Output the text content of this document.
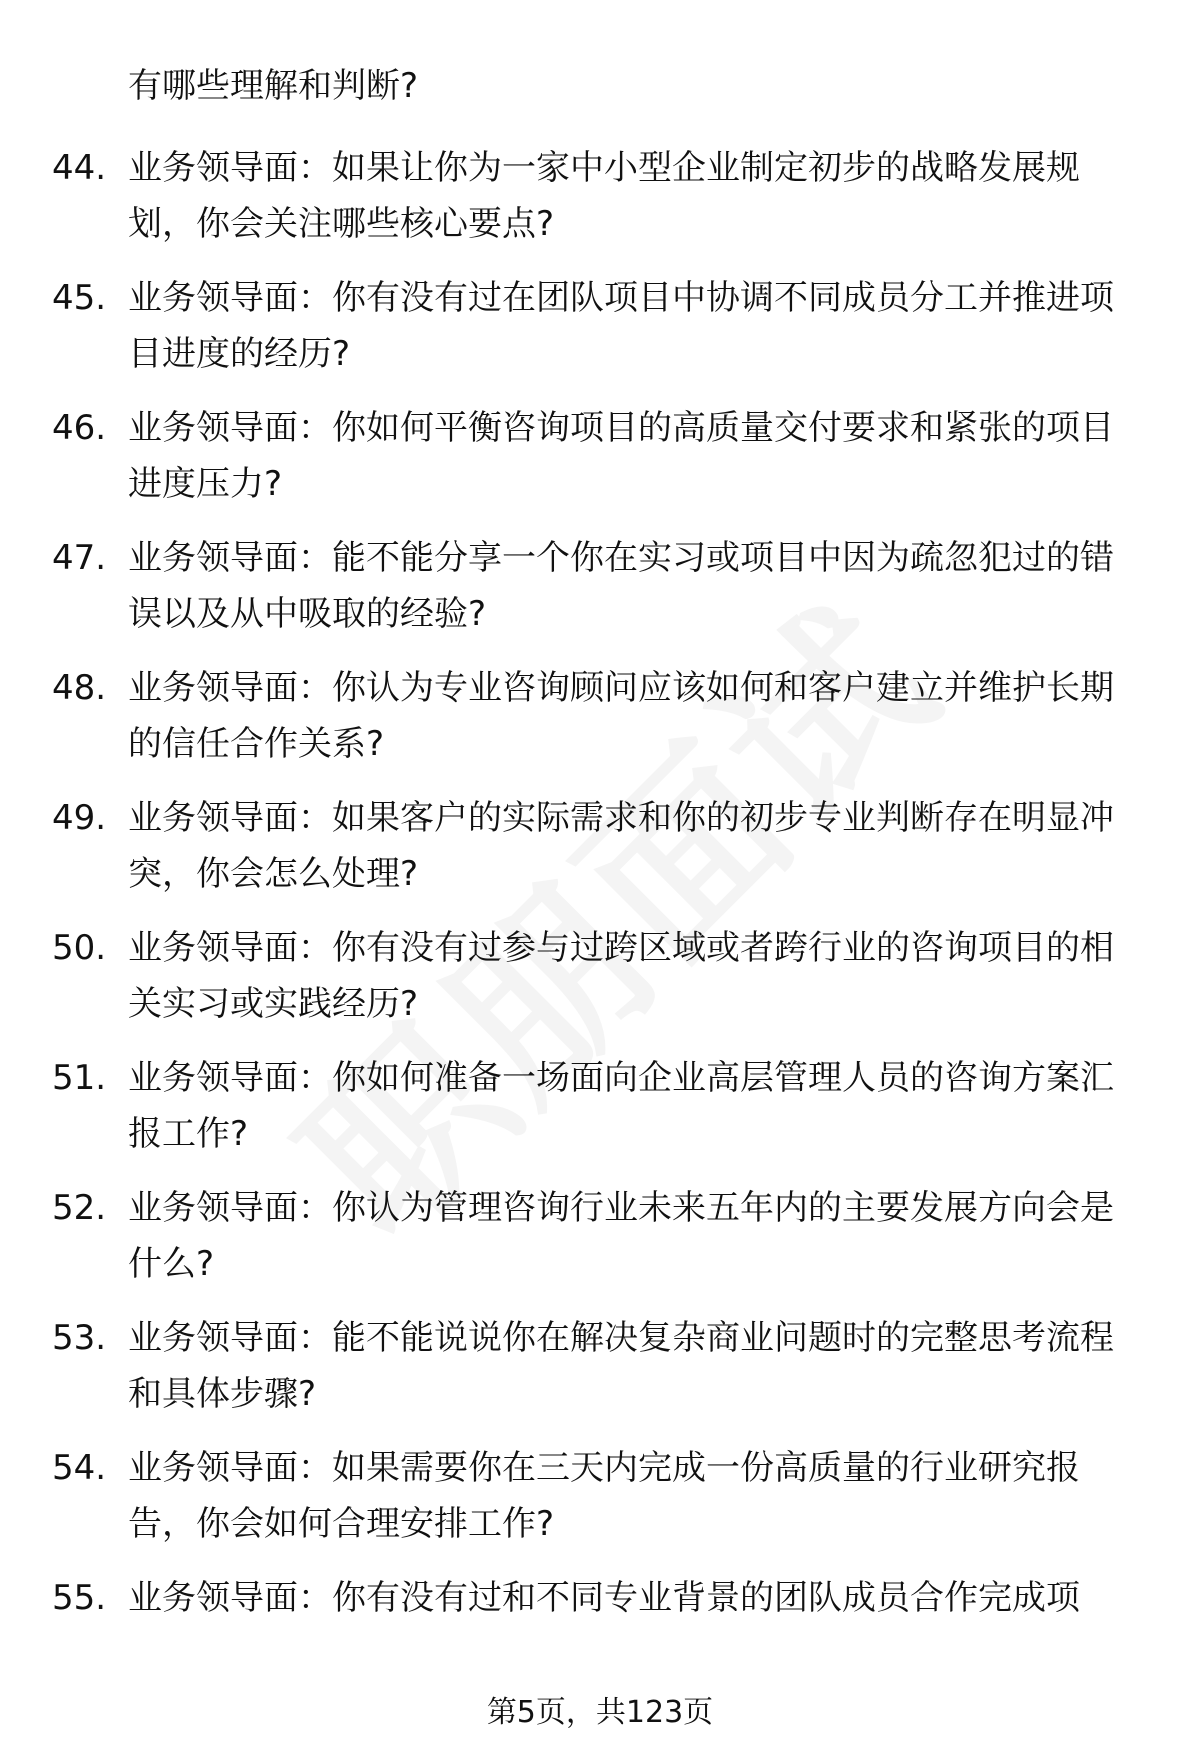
有哪些理解和判断?

44. 业务领导面：如果让你为一家中小型企业制定初步的战略发展规划，你会关注哪些核心要点?

45. 业务领导面：你有没有过在团队项目中协调不同成员分工并推进项目进度的经历?

46. 业务领导面：你如何平衡咨询项目的高质量交付要求和紧张的项目进度压力?

47. 业务领导面：能不能分享一个你在实习或项目中因为疏忽犯过的错误以及从中吸取的经验?

48. 业务领导面：你认为专业咨询顾问应该如何和客户建立并维护长期的信任合作关系?

49. 业务领导面：如果客户的实际需求和你的初步专业判断存在明显冲突，你会怎么处理?

50. 业务领导面：你有没有过参与过跨区域或者跨行业的咨询项目的相关实习或实践经历?

51. 业务领导面：你如何准备一场面向企业高层管理人员的咨询方案汇报工作?

52. 业务领导面：你认为管理咨询行业未来五年内的主要发展方向会是什么?

53. 业务领导面：能不能说说你在解决复杂商业问题时的完整思考流程和具体步骤?

54. 业务领导面：如果需要你在三天内完成一份高质量的行业研究报告，你会如何合理安排工作?

55. 业务领导面：你有没有过和不同专业背景的团队成员合作完成项

第5页，共123页
